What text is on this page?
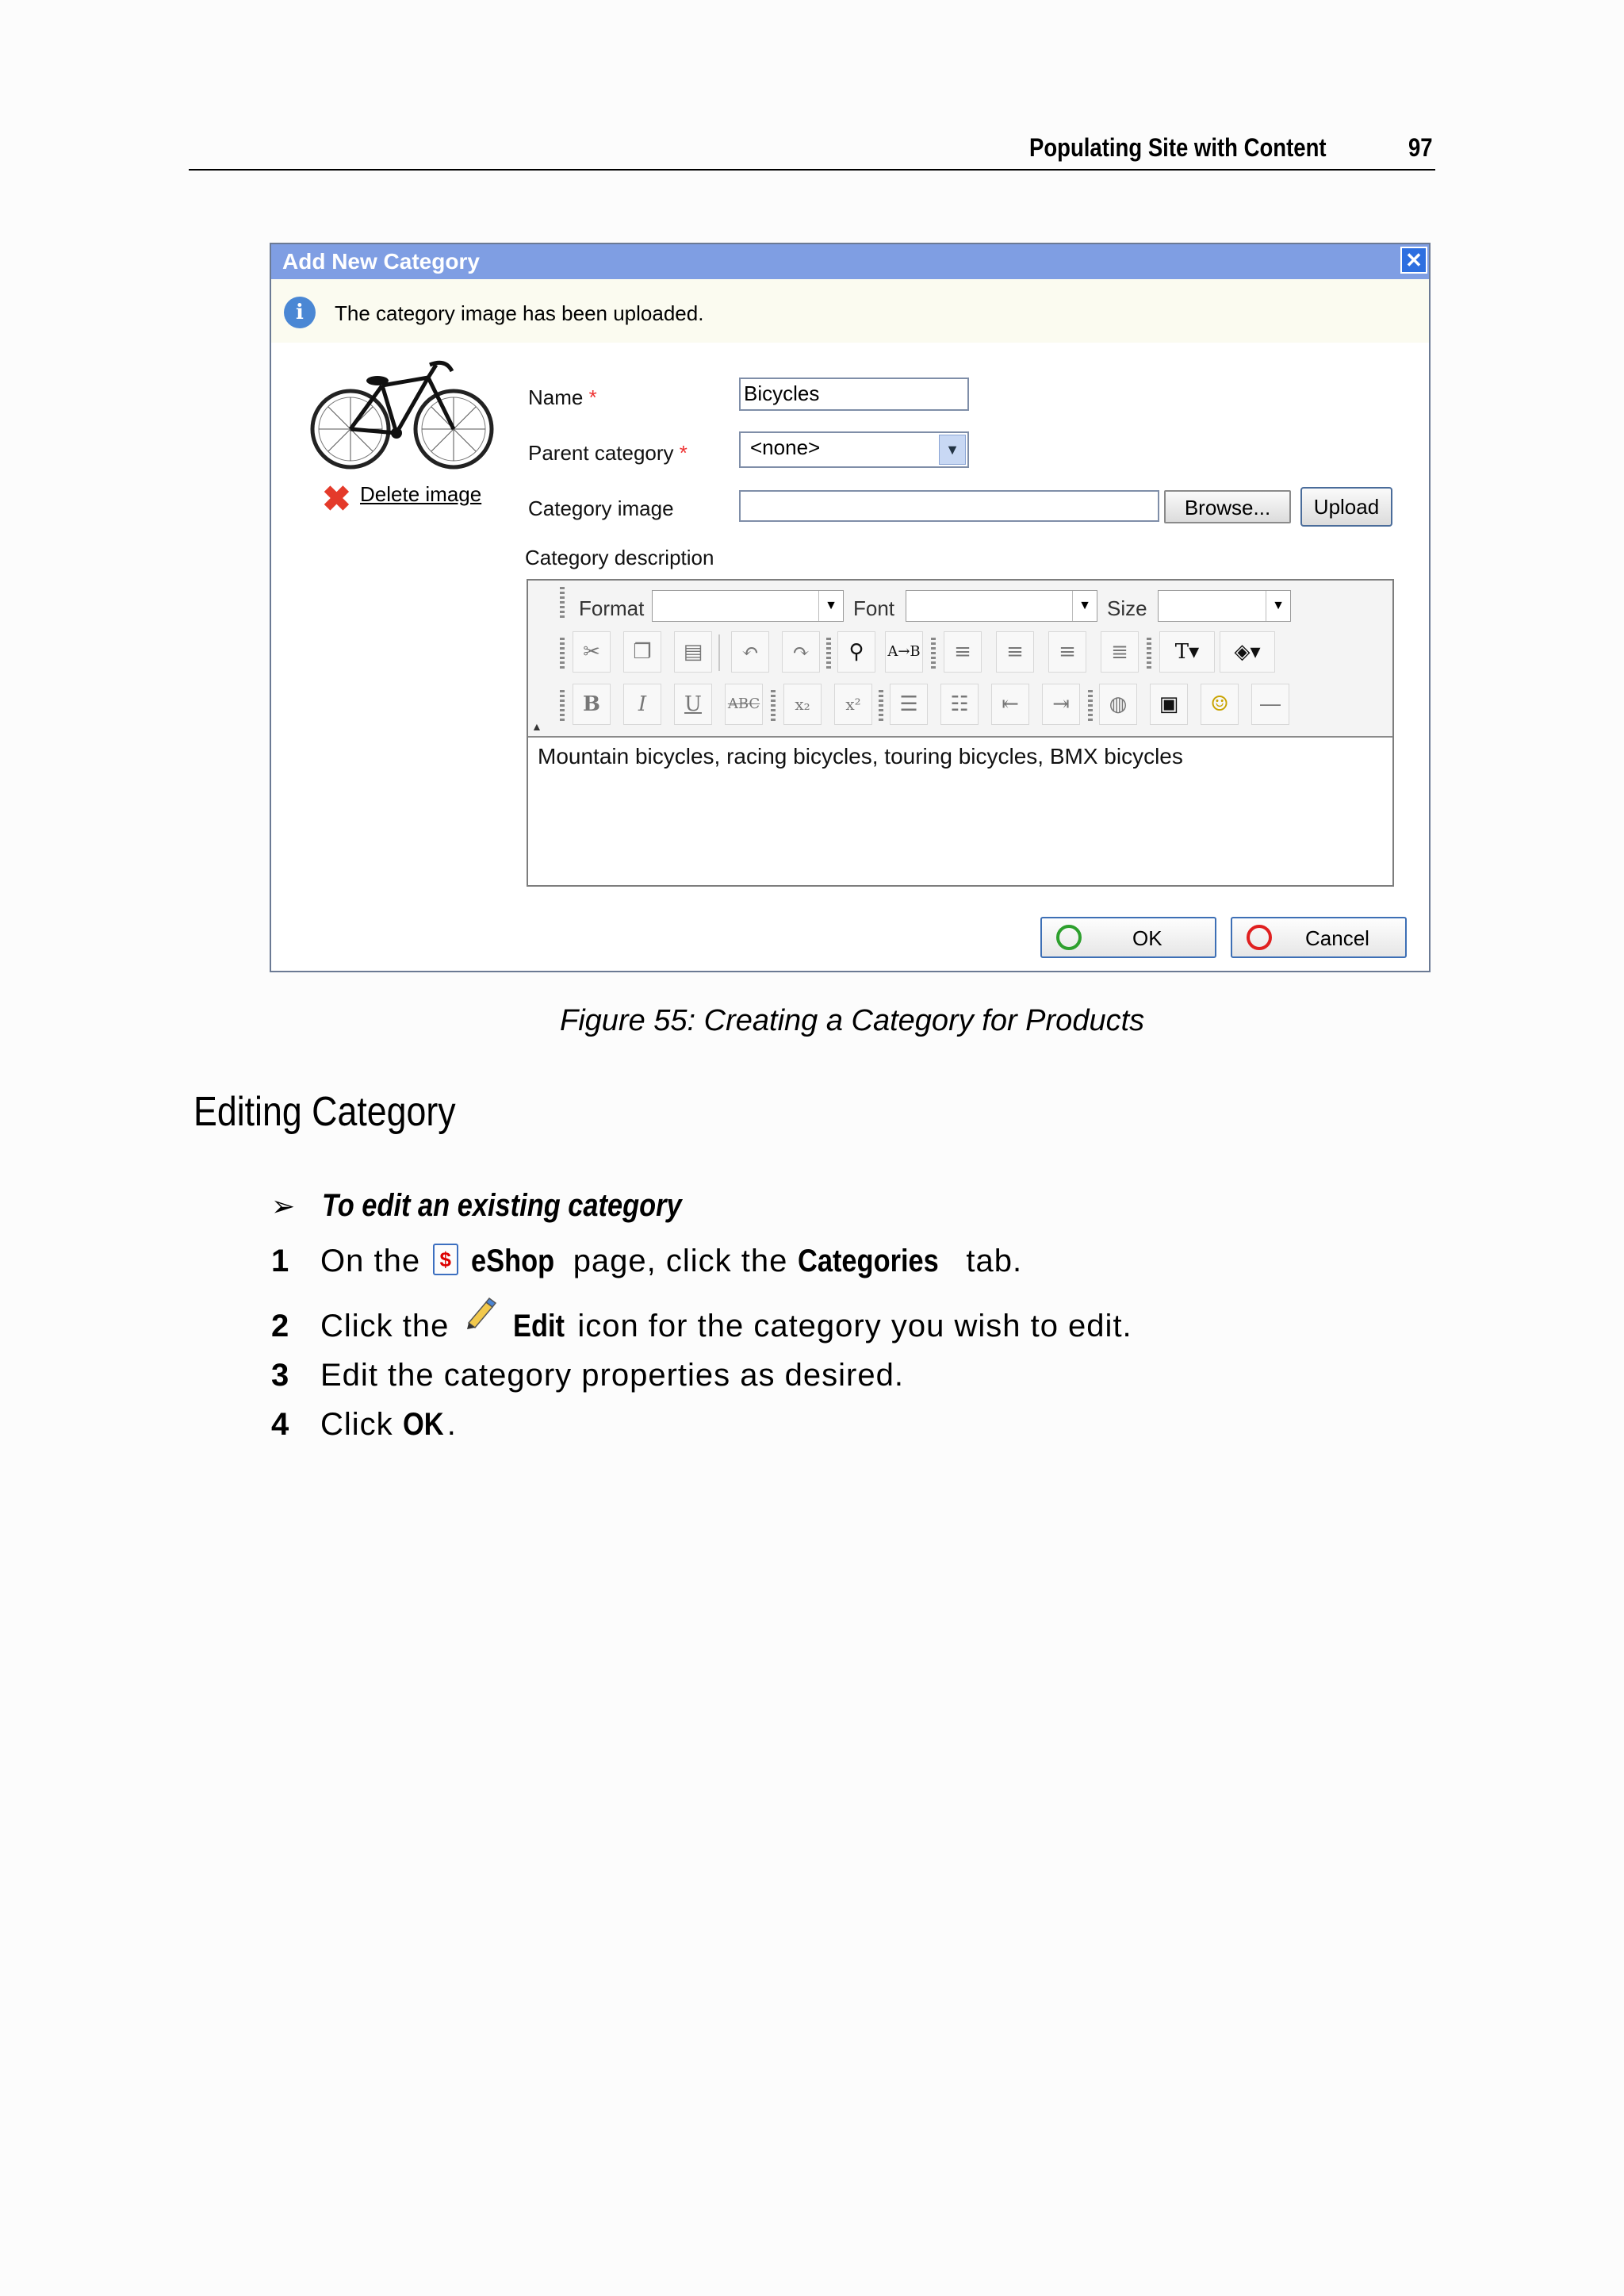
Populating Site with Content	97
Add New Category	✕
i	The category image has been uploaded.
✖ Delete image
Name *	Bicycles
Parent category *	<none>	▼
Category image	Browse...	Upload
Category description
Format	▼ Font	▼ Size	▼
✂	❐	▤	↶	↷	⚲	A→B	≡	≡	≡	≣	T▾	◈▾
B	I	U	ABC	x₂	x²	☰	☷	⇤	⇥	◍	▣	☺	―
▲
Mountain bicycles, racing bicycles, touring bicycles, BMX bicycles
OK	Cancel
Figure 55: Creating a Category for Products
Editing Category
➢ To edit an existing category
1 On the $ eShop page, click the Categories tab.
2 Click the Edit icon for the category you wish to edit.
3 Edit the category properties as desired.
4 Click OK .
